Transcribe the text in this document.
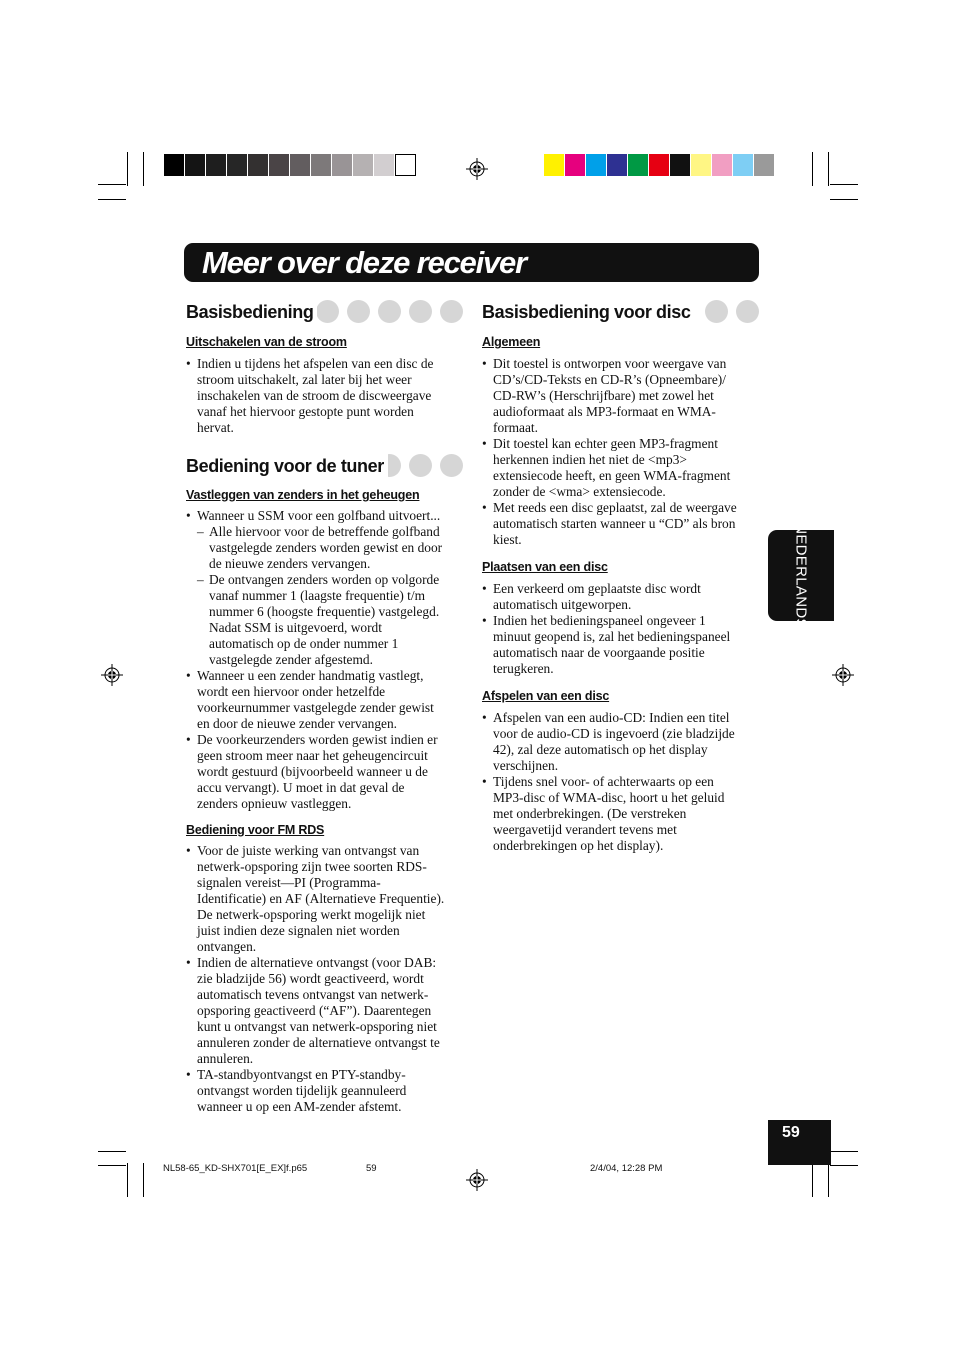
Meer over deze receiver
Basisbediening
Uitschakelen van de stroom
• Indien u tijdens het afspelen van een disc de
stroom uitschakelt, zal later bij het weer
inschakelen van de stroom de discweergave
vanaf het hiervoor gestopte punt worden
hervat.
Bediening voor de tuner
Vastleggen van zenders in het geheugen
• Wanneer u SSM voor een golfband uitvoert...
– Alle hiervoor voor de betreffende golfband
vastgelegde zenders worden gewist en door
de nieuwe zenders vervangen.
– De ontvangen zenders worden op volgorde
vanaf nummer 1 (laagste frequentie) t/m
nummer 6 (hoogste frequentie) vastgelegd.
Nadat SSM is uitgevoerd, wordt
automatisch op de onder nummer 1
vastgelegde zender afgestemd.
• Wanneer u een zender handmatig vastlegt,
wordt een hiervoor onder hetzelfde
voorkeurnummer vastgelegde zender gewist
en door de nieuwe zender vervangen.
• De voorkeurzenders worden gewist indien er
geen stroom meer naar het geheugencircuit
wordt gestuurd (bijvoorbeeld wanneer u de
accu vervangt). U moet in dat geval de
zenders opnieuw vastleggen.
Bediening voor FM RDS
• Voor de juiste werking van ontvangst van
netwerk-opsporing zijn twee soorten RDS-
signalen vereist—PI (Programma-
Identificatie) en AF (Alternatieve Frequentie).
De netwerk-opsporing werkt mogelijk niet
juist indien deze signalen niet worden
ontvangen.
• Indien de alternatieve ontvangst (voor DAB:
zie bladzijde 56) wordt geactiveerd, wordt
automatisch tevens ontvangst van netwerk-
opsporing geactiveerd (“AF”). Daarentegen
kunt u ontvangst van netwerk-opsporing niet
annuleren zonder de alternatieve ontvangst te
annuleren.
• TA-standbyontvangst en PTY-standby-
ontvangst worden tijdelijk geannuleerd
wanneer u op een AM-zender afstemt.
Basisbediening voor disc
Algemeen
• Dit toestel is ontworpen voor weergave van
CD’s/CD-Teksts en CD-R’s (Opneembare)/
CD-RW’s (Herschrijfbare) met zowel het
audioformaat als MP3-formaat en WMA-
formaat.
• Dit toestel kan echter geen MP3-fragment
herkennen indien het niet de <mp3>
extensiecode heeft, en geen WMA-fragment
zonder de <wma> extensiecode.
• Met reeds een disc geplaatst, zal de weergave
automatisch starten wanneer u “CD” als bron
kiest.
Plaatsen van een disc
• Een verkeerd om geplaatste disc wordt
automatisch uitgeworpen.
• Indien het bedieningspaneel ongeveer 1
minuut geopend is, zal het bedieningspaneel
automatisch naar de voorgaande positie
terugkeren.
Afspelen van een disc
• Afspelen van een audio-CD: Indien een titel
voor de audio-CD is ingevoerd (zie bladzijde
42), zal deze automatisch op het display
verschijnen.
• Tijdens snel voor- of achterwaarts op een
MP3-disc of WMA-disc, hoort u het geluid
met onderbrekingen. (De verstreken
weergavetijd verandert tevens met
onderbrekingen op het display).
NEDERLANDS
59
NL58-65_KD-SHX701[E_EX]f.p65	59	2/4/04, 12:28 PM
